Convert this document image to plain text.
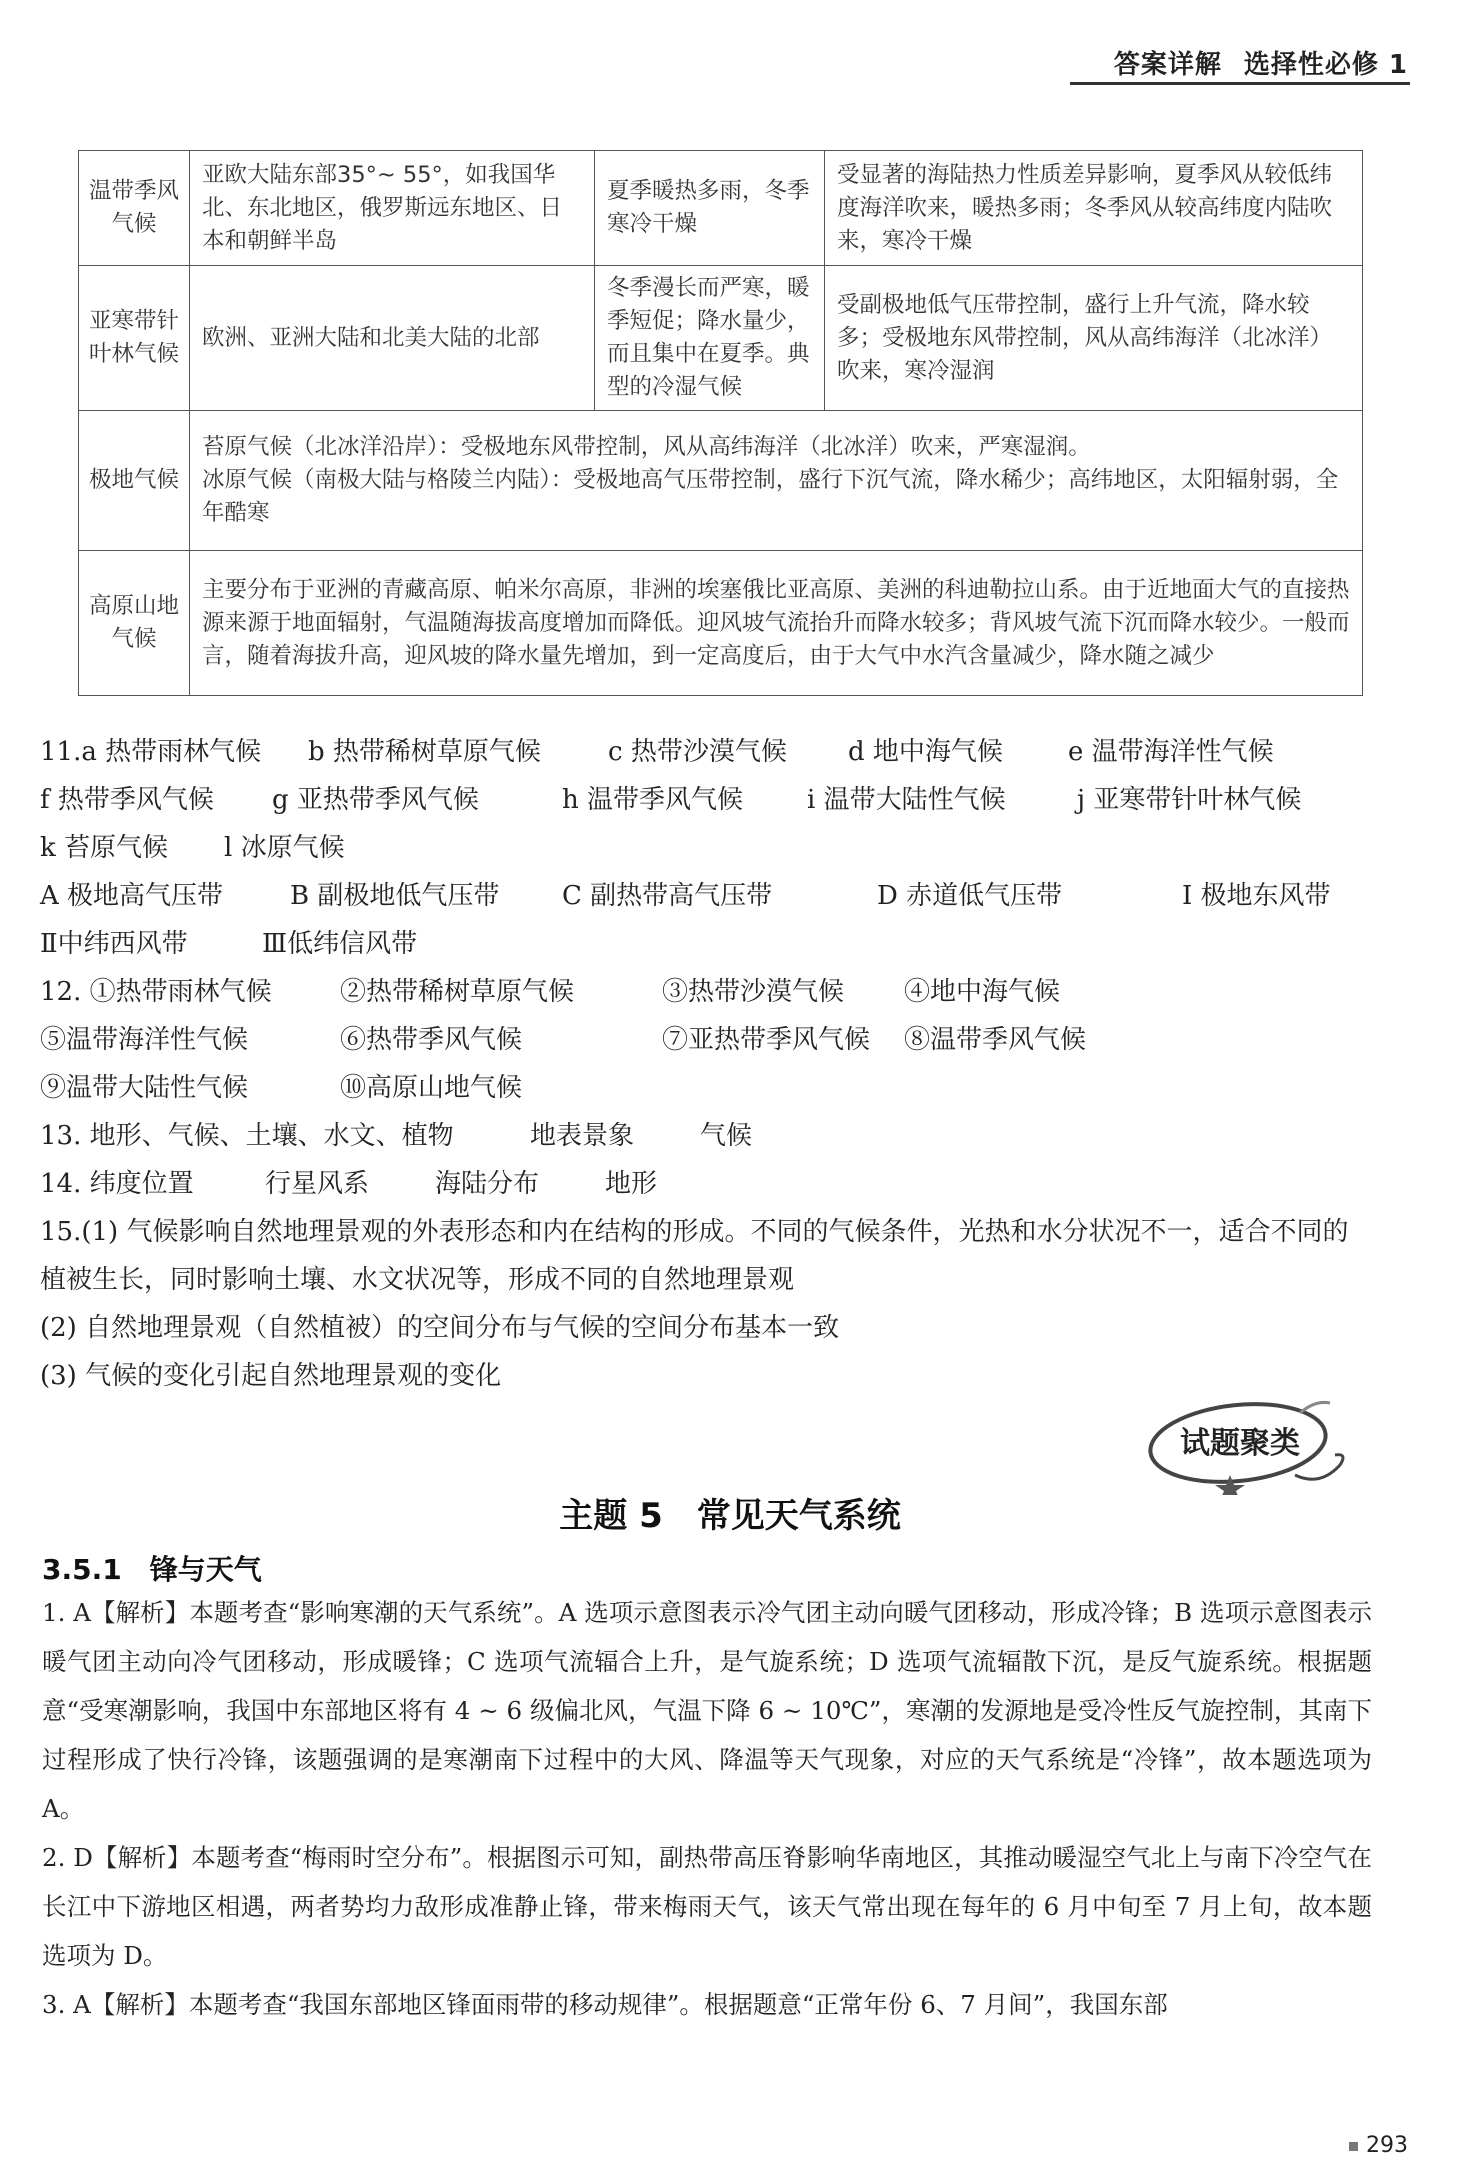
答案详解 选择性必修 1
温带季风气候	亚欧大陆东部35°~ 55°，如我国华北、东北地区，俄罗斯远东地区、日本和朝鲜半岛	夏季暖热多雨，冬季寒冷干燥	受显著的海陆热力性质差异影响，夏季风从较低纬度海洋吹来，暖热多雨；冬季风从较高纬度内陆吹来，寒冷干燥
亚寒带针叶林气候	欧洲、亚洲大陆和北美大陆的北部	冬季漫长而严寒，暖季短促；降水量少，而且集中在夏季。典型的冷湿气候	受副极地低气压带控制，盛行上升气流，降水较多；受极地东风带控制，风从高纬海洋（北冰洋）吹来，寒冷湿润
极地气候	苔原气候（北冰洋沿岸）：受极地东风带控制，风从高纬海洋（北冰洋）吹来，严寒湿润。
冰原气候（南极大陆与格陵兰内陆）：受极地高气压带控制，盛行下沉气流，降水稀少；高纬地区，太阳辐射弱，全年酷寒		
高原山地气候	主要分布于亚洲的青藏高原、帕米尔高原，非洲的埃塞俄比亚高原、美洲的科迪勒拉山系。由于近地面大气的直接热源来源于地面辐射，气温随海拔高度增加而降低。迎风坡气流抬升而降水较多；背风坡气流下沉而降水较少。一般而言，随着海拔升高，迎风坡的降水量先增加，到一定高度后，由于大气中水汽含量减少，降水随之减少		
11.a 热带雨林气候 b 热带稀树草原气候	c 热带沙漠气候 d 地中海气候	e 温带海洋性气候
f 热带季风气候 g 亚热带季风气候	h 温带季风气候 i 温带大陆性气候	j 亚寒带针叶林气候
k 苔原气候 l 冰原气候
A 极地高气压带	B 副极地低气压带 C 副热带高气压带	D 赤道低气压带	Ⅰ 极地东风带
Ⅱ中纬西风带	Ⅲ低纬信风带
12. ①热带雨林气候	②热带稀树草原气候	③热带沙漠气候 ④地中海气候
⑤温带海洋性气候	⑥热带季风气候	⑦亚热带季风气候 ⑧温带季风气候
⑨温带大陆性气候	⑩高原山地气候
13. 地形、气候、土壤、水文、植物	地表景象	气候
14. 纬度位置	行星风系	海陆分布	地形
15.(1) 气候影响自然地理景观的外表形态和内在结构的形成。不同的气候条件，光热和水分状况不一，适合不同的植被生长，同时影响土壤、水文状况等，形成不同的自然地理景观
(2) 自然地理景观（自然植被）的空间分布与气候的空间分布基本一致
(3) 气候的变化引起自然地理景观的变化
试题聚类
主题 5　常见天气系统
3.5.1　锋与天气

1. A【解析】本题考查“影响寒潮的天气系统”。A 选项示意图表示冷气团主动向暖气团移动，形成冷锋；B 选项示意图表示暖气团主动向冷气团移动，形成暖锋；C 选项气流辐合上升，是气旋系统；D 选项气流辐散下沉，是反气旋系统。根据题意“受寒潮影响，我国中东部地区将有 4 ~ 6 级偏北风，气温下降 6 ~ 10℃”，寒潮的发源地是受冷性反气旋控制，其南下过程形成了快行冷锋，该题强调的是寒潮南下过程中的大风、降温等天气现象，对应的天气系统是“冷锋”，故本题选项为 A。

2. D【解析】本题考查“梅雨时空分布”。根据图示可知，副热带高压脊影响华南地区，其推动暖湿空气北上与南下冷空气在长江中下游地区相遇，两者势均力敌形成准静止锋，带来梅雨天气，该天气常出现在每年的 6 月中旬至 7 月上旬，故本题选项为 D。

3. A【解析】本题考查“我国东部地区锋面雨带的移动规律”。根据题意“正常年份 6、7 月间”，我国东部

293
